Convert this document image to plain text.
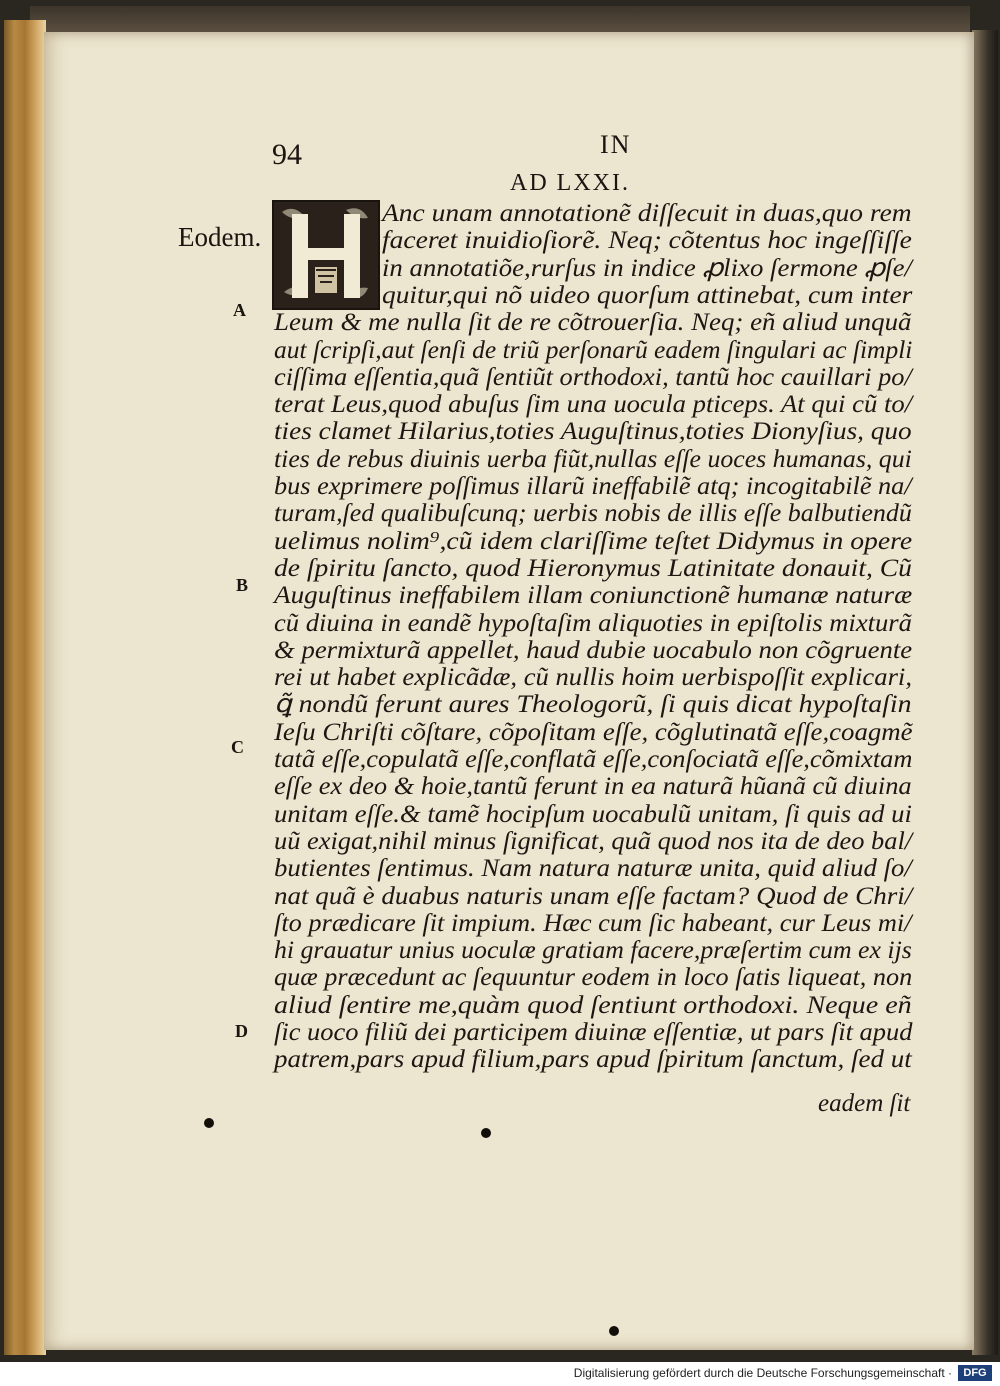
94	IN
AD LXXI.
Eodem.
A
B
C
D
Anc unam annotationẽ diſſecuit in duas,quo rem
faceret inuidioſiorẽ. Neq; cõtentus hoc ingeſſiſſe
in annotatiõe,rurſus in indice ꝓlixo ſermone ꝓſe/
quitur,qui nõ uideo quorſum attinebat, cum inter
Leum & me nulla ſit de re cõtrouerſia. Neq; eñ aliud unquã
aut ſcripſi,aut ſenſi de triũ perſonarũ eadem ſingulari ac ſimpli
ciſſima eſſentia,quã ſentiũt orthodoxi, tantũ hoc cauillari po/
terat Leus,quod abuſus ſim una uocula pticeps. At qui cũ to/
ties clamet Hilarius,toties Auguſtinus,toties Dionyſius, quo
ties de rebus diuinis uerba fiũt,nullas eſſe uoces humanas, qui
bus exprimere poſſimus illarũ ineffabilẽ atq; incogitabilẽ na/
turam,ſed qualibuſcunq; uerbis nobis de illis eſſe balbutiendũ
uelimus nolim⁹,cũ idem clariſſime teſtet Didymus in opere
de ſpiritu ſancto, quod Hieronymus Latinitate donauit, Cũ
Auguſtinus ineffabilem illam coniunctionẽ humanæ naturæ
cũ diuina in eandẽ hypoſtaſim aliquoties in epiſtolis mixturã
& permixturã appellet, haud dubie uocabulo non cõgruente
rei ut habet explicãdæ, cũ nullis hoim uerbispoſſit explicari,
ꝗ̃ nondũ ferunt aures Theologorũ, ſi quis dicat hypoſtaſin
Ieſu Chriſti cõſtare, cõpoſitam eſſe, cõglutinatã eſſe,coagmẽ
tatã eſſe,copulatã eſſe,conflatã eſſe,conſociatã eſſe,cõmixtam
eſſe ex deo & hoie,tantũ ferunt in ea naturã hũanã cũ diuina
unitam eſſe.& tamẽ hocipſum uocabulũ unitam, ſi quis ad ui
uũ exigat,nihil minus ſignificat, quã quod nos ita de deo bal/
butientes ſentimus. Nam natura naturæ unita, quid aliud ſo/
nat quã è duabus naturis unam eſſe factam? Quod de Chri/
ſto prædicare ſit impium. Hæc cum ſic habeant, cur Leus mi/
hi grauatur unius uoculæ gratiam facere,præſertim cum ex ijs
quæ præcedunt ac ſequuntur eodem in loco ſatis liqueat, non
aliud ſentire me,quàm quod ſentiunt orthodoxi. Neque eñ
ſic uoco filiũ dei participem diuinæ eſſentiæ, ut pars ſit apud
patrem,pars apud filium,pars apud ſpiritum ſanctum, ſed ut
eadem ſit
Digitalisierung gefördert durch die Deutsche Forschungsgemeinschaft ·	DFG
